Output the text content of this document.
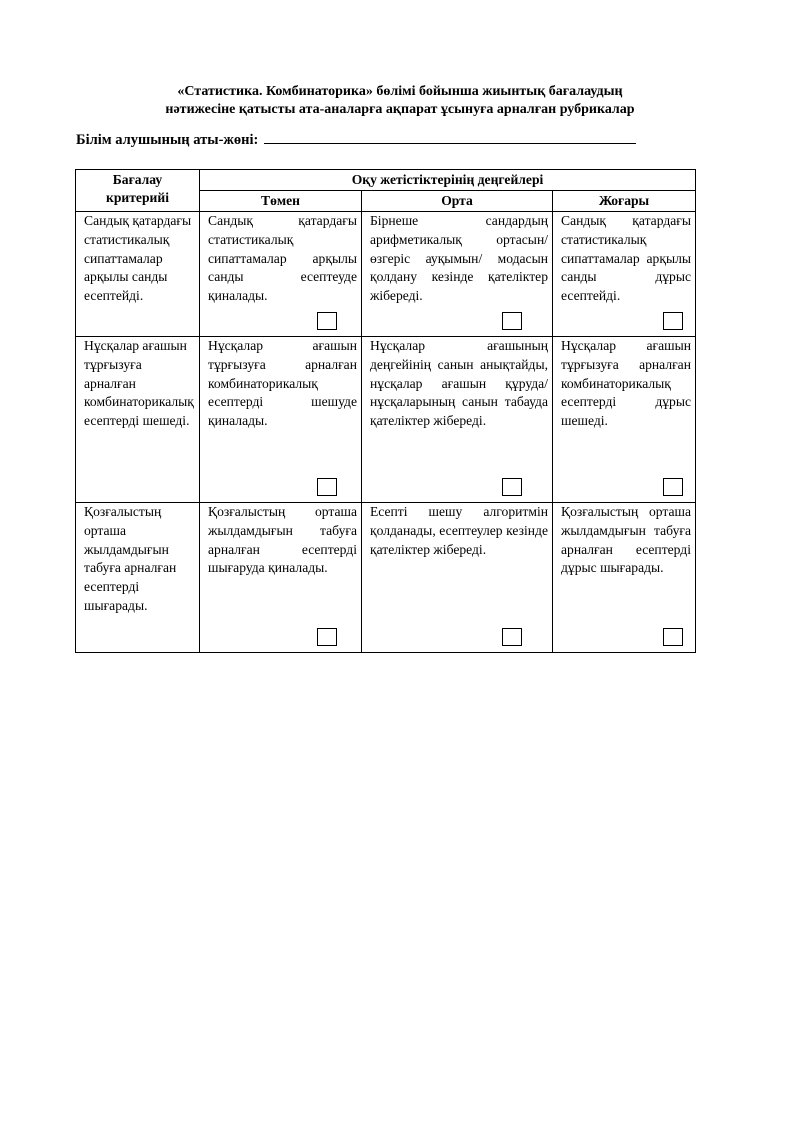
«Статистика. Комбинаторика» бөлімі бойынша жиынтық бағалаудың
нәтижесіне қатысты ата-аналарға ақпарат ұсынуға арналған рубрикалар
Білім алушының аты-жөні:
Бағалау критерийі	Оқу жетістіктерінің деңгейлері		
	Төмен	Орта	Жоғары
Сандық қатардағы статистикалық сипаттамалар арқылы санды есептейді.	Сандық қатардағы статистикалық сипаттамалар арқылы санды есептеуде қиналады.	Бірнеше сандардың арифметикалық ортасын/ өзгеріс ауқымын/ модасын қолдану кезінде қателіктер жібереді.	Сандық қатардағы статистикалық сипаттамалар арқылы санды дұрыс есептейді.

Нұсқалар ағашын тұрғызуға арналған комбинаторикалық есептерді шешеді.	Нұсқалар ағашын тұрғызуға арналған комбинаторикалық есептерді шешуде қиналады.	Нұсқалар ағашының деңгейінің санын анықтайды, нұсқалар ағашын құруда/ нұсқаларының санын табауда қателіктер жібереді.	Нұсқалар ағашын тұрғызуға арналған комбинаторикалық есептерді дұрыс шешеді.

Қозғалыстың орташа жылдамдығын табуға арналған есептерді шығарады.	Қозғалыстың орташа жылдамдығын табуға арналған есептерді шығаруда қиналады.	Есепті шешу алгоритмін қолданады, есептеулер кезінде қателіктер жібереді.	Қозғалыстың орташа жылдамдығын табуға арналған есептерді дұрыс шығарады.
